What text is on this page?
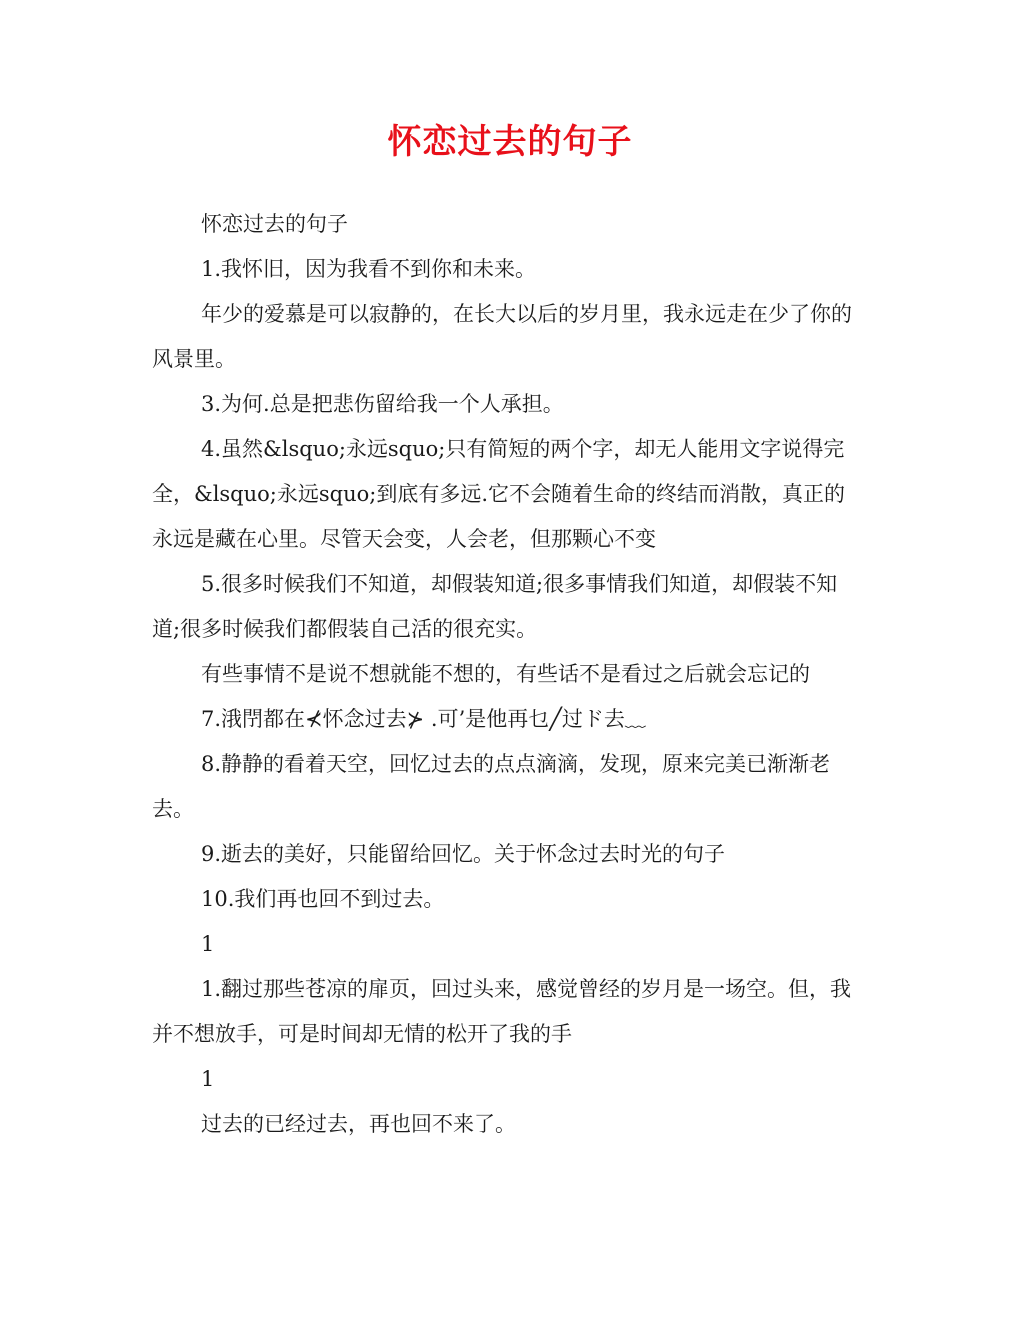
怀恋过去的句子

怀恋过去的句子

1.我怀旧，因为我看不到你和未来。

年少的爱慕是可以寂静的，在长大以后的岁月里，我永远走在少了你的风景里。

3.为何.总是把悲伤留给我一个人承担。

4.虽然&lsquo;永远squo;只有简短的两个字，却无人能用文字说得完全，&lsquo;永远squo;到底有多远.它不会随着生命的终结而消散，真正的永远是藏在心里。尽管天会变，人会老，但那颗心不变

5.很多时候我们不知道，却假装知道;很多事情我们知道，却假装不知道;很多时候我们都假装自己活的很充实。

有些事情不是说不想就能不想的，有些话不是看过之后就会忘记的

7.涐閅都在⊀怀念过去⊁ .可’是他再乜╱过ド去﹏

8.静静的看着天空，回忆过去的点点滴滴，发现，原来完美已渐渐老去。

9.逝去的美好，只能留给回忆。关于怀念过去时光的句子

10.我们再也回不到过去。

1

1.翻过那些苍凉的扉页，回过头来，感觉曾经的岁月是一场空。但，我并不想放手，可是时间却无情的松开了我的手

1

过去的已经过去，再也回不来了。
